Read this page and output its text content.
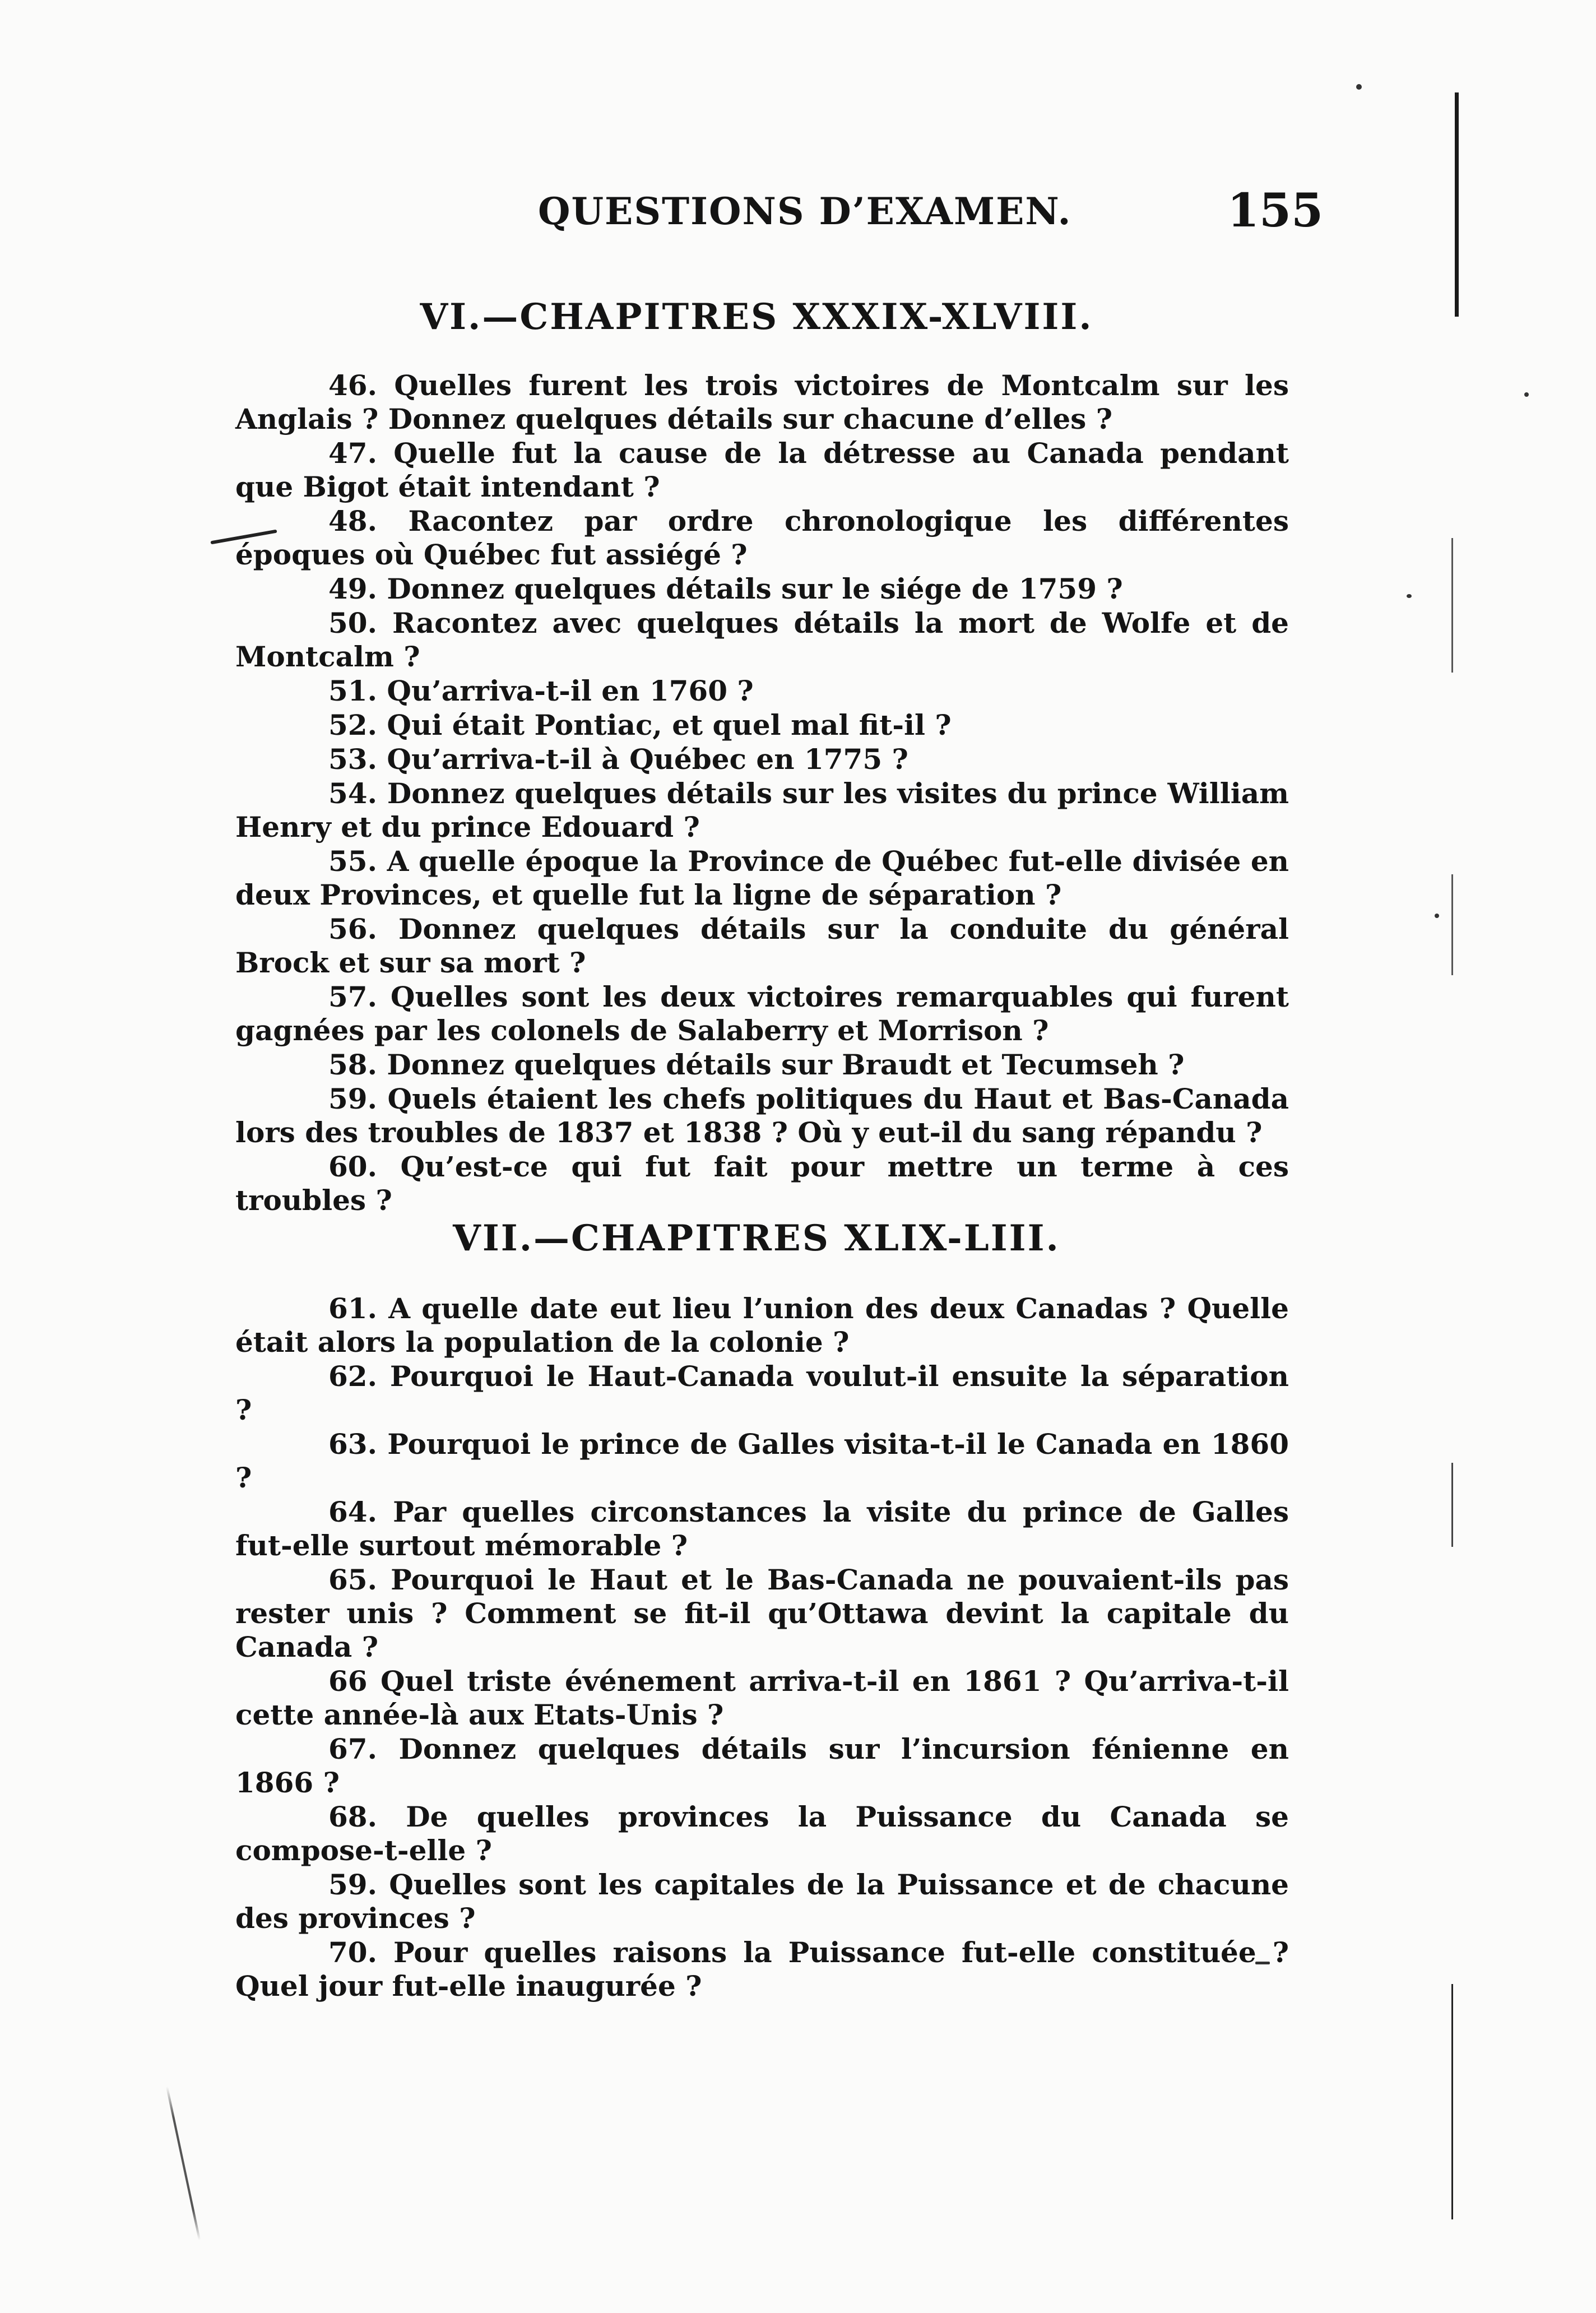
QUESTIONS D’EXAMEN.	155
VI.—CHAPITRES XXXIX-XLVIII.

46. Quelles furent les trois victoires de Montcalm sur les Anglais ? Donnez quelques détails sur chacune d’elles ?

47. Quelle fut la cause de la détresse au Canada pendant que Bigot était intendant ?

48. Racontez par ordre chronologique les différentes époques où Québec fut assiégé ?

49. Donnez quelques détails sur le siége de 1759 ?

50. Racontez avec quelques détails la mort de Wolfe et de Montcalm ?

51. Qu’arriva-t-il en 1760 ?

52. Qui était Pontiac, et quel mal fit-il ?

53. Qu’arriva-t-il à Québec en 1775 ?

54. Donnez quelques détails sur les visites du prince William Henry et du prince Edouard ?

55. A quelle époque la Province de Québec fut-elle divisée en deux Provinces, et quelle fut la ligne de séparation ?

56. Donnez quelques détails sur la conduite du général Brock et sur sa mort ?

57. Quelles sont les deux victoires remarquables qui furent gagnées par les colonels de Salaberry et Morrison ?

58. Donnez quelques détails sur Braudt et Tecumseh ?

59. Quels étaient les chefs politiques du Haut et Bas-Canada lors des troubles de 1837 et 1838 ? Où y eut-il du sang répandu ?

60. Qu’est-ce qui fut fait pour mettre un terme à ces troubles ?

VII.—CHAPITRES XLIX-LIII.

61. A quelle date eut lieu l’union des deux Canadas ? Quelle était alors la population de la colonie ?

62. Pourquoi le Haut-Canada voulut-il ensuite la séparation ?

63. Pourquoi le prince de Galles visita-t-il le Canada en 1860 ?

64. Par quelles circonstances la visite du prince de Galles fut-elle surtout mémorable ?

65. Pourquoi le Haut et le Bas-Canada ne pouvaient-ils pas rester unis ? Comment se fit-il qu’Ottawa devint la capitale du Canada ?

66 Quel triste événement arriva-t-il en 1861 ? Qu’arriva-t-il cette année-là aux Etats-Unis ?

67. Donnez quelques détails sur l’incursion fénienne en 1866 ?

68. De quelles provinces la Puissance du Canada se compose-t-elle ?

59. Quelles sont les capitales de la Puissance et de chacune des provinces ?

70. Pour quelles raisons la Puissance fut-elle constituée ? Quel jour fut-elle inaugurée ?
